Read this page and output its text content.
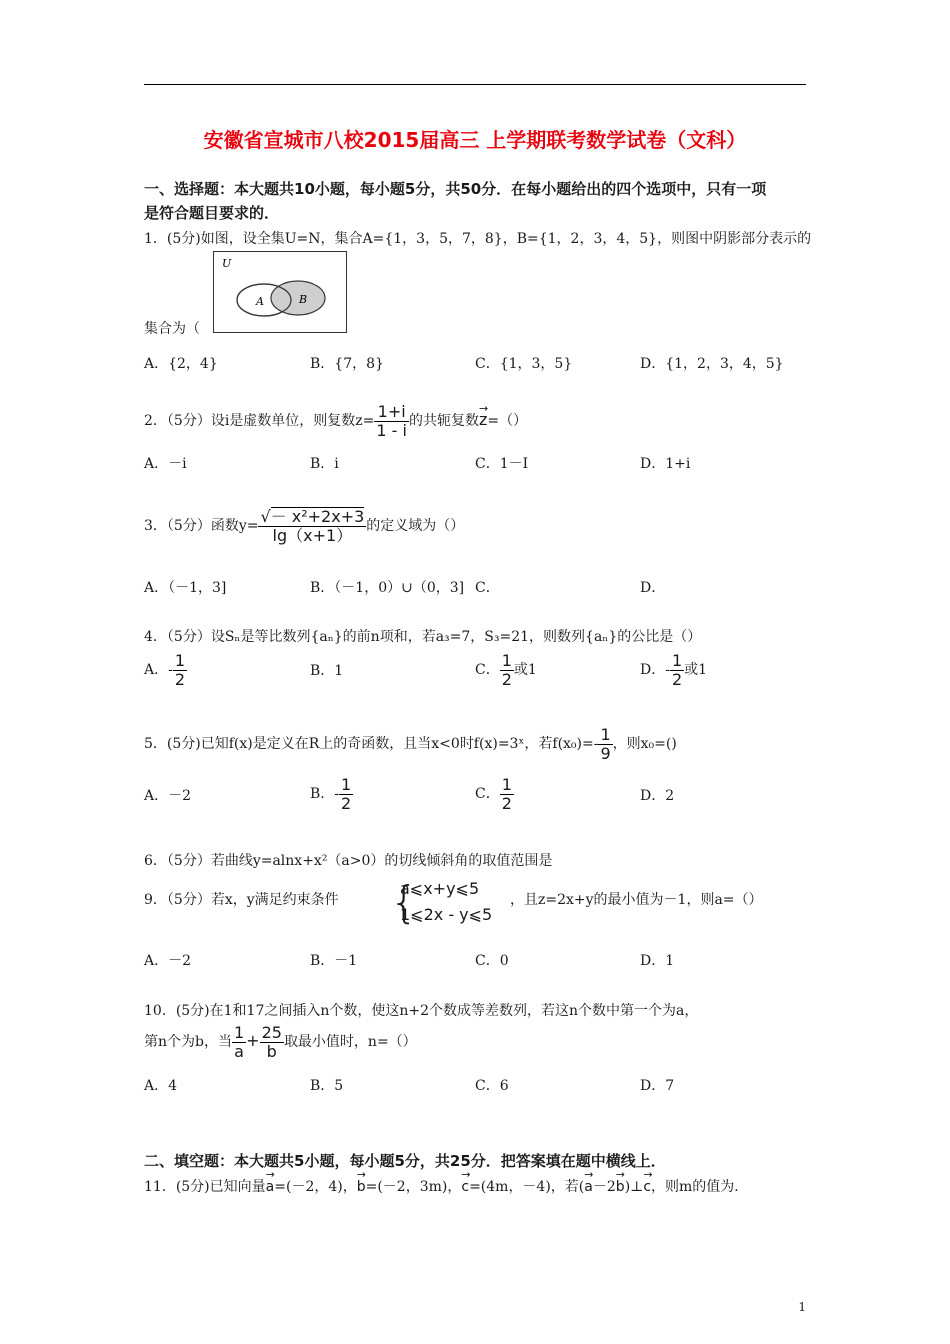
安徽省宣城市八校2015届高三 上学期联考数学试卷（文科）
一、选择题：本大题共10小题，每小题5分，共50分．在每小题给出的四个选项中，只有一项
是符合题目要求的．
1．(5分)如图，设全集U=N，集合A={1，3，5，7，8}，B={1，2，3，4，5}，则图中阴影部分表示的
U
A	B
集合为（
A．{2，4}	B．{7，8}	C．{1，3，5}	D．{1，2，3，4，5}
2．（5分）设i是虚数单位，则复数$z= \frac{1+i}{1 - i}$ 的共轭复数→ z=（）
A．－i	B．i	C．1－I	D．1+i
3．（5分）函数$y= \frac{\text{√－ x²+2x+3}}{\lg(x+1)}$ 的定义域为（）
A．（－1，3]	B．（－1，0）∪（0，3] C．	D．
4．（5分）设Sₙ是等比数列{aₙ}的前n项和，若a₃=7，S₃=21，则数列{aₙ}的公比是（）
A．- $\frac{1}{2}$	B．1	C． $\frac{1}{2}$ 或1	D．- $\frac{1}{2}$ 或1
5．(5分)已知f(x)是定义在R上的奇函数，且当x<0时f(x)=3ˣ，若$f(x_0)=- \frac{1}{9}$ ，则x₀=()
A．－2	B．- $\frac{1}{2}$	C． $\frac{1}{2}$	D．2
6．（5分）若曲线y=alnx+x²（a>0）的切线倾斜角的取值范围是
9．（5分）若x，y满足约束条件 {
a⩽x+y⩽5
1⩽2x - y⩽5
，且z=2x+y的最小值为－1，则a=（）
A．－2	B．－1	C．0	D．1
10．(5分)在1和17之间插入n个数，使这n+2个数成等差数列，若这n个数中第一个为a，
第n个为b，当 $\frac{1}{a} + \frac{25}{b}$ 取最小值时，n=（）
A．4	B．5	C．6	D．7
二、填空题：本大题共5小题，每小题5分，共25分．把答案填在题中横线上．
11．(5分)已知向量→ a=(－2，4)，→ b=(－2，3m)，→ c=(4m，－4)，若(→ a－2→ b)⊥→ c，则m的值为．
1
